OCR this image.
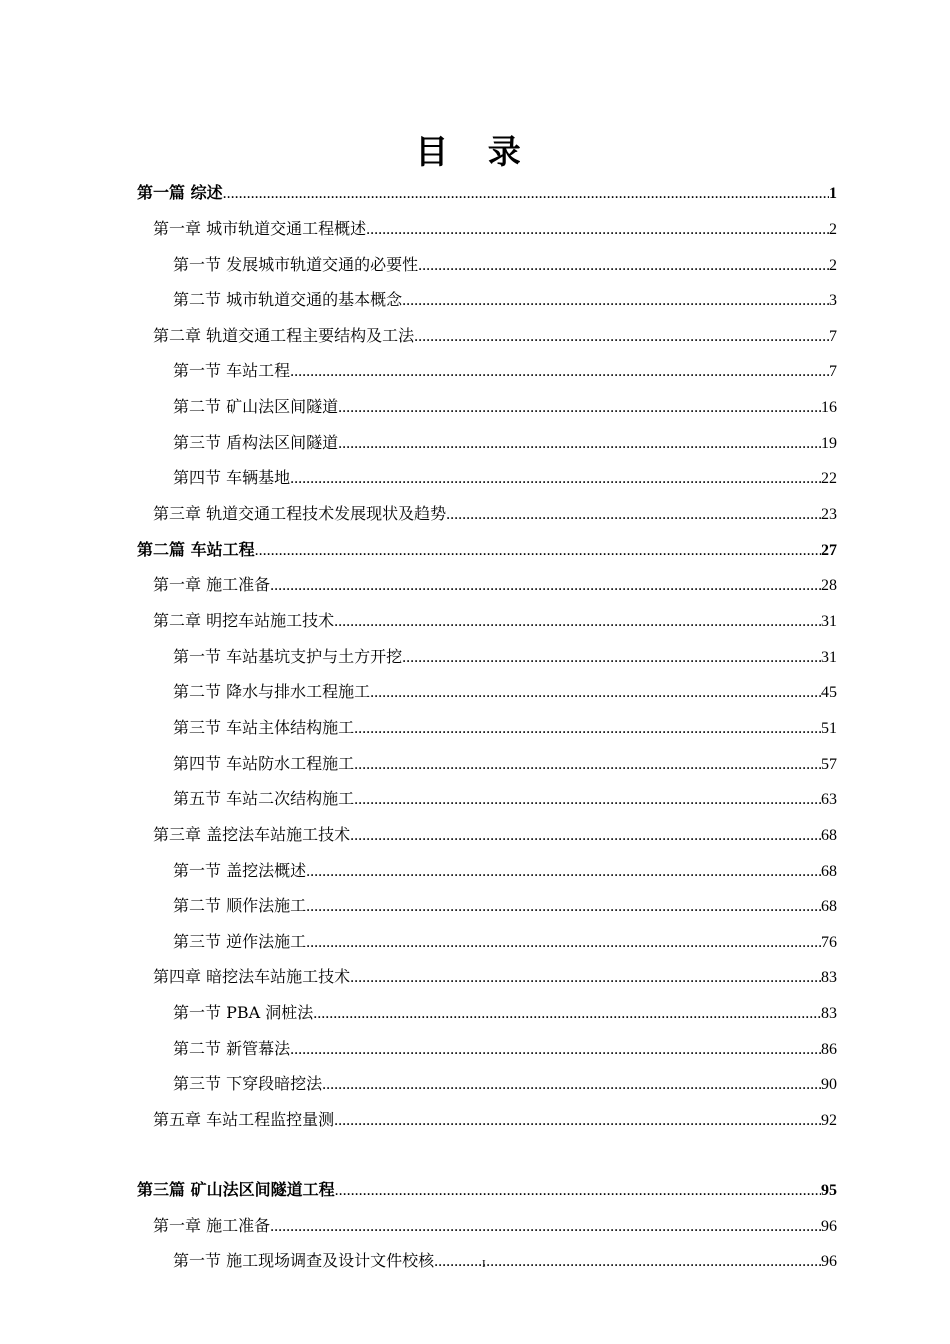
目 录
第一篇 综述 .....	1
第一章 城市轨道交通工程概述 .....	2
第一节 发展城市轨道交通的必要性 .....	2
第二节 城市轨道交通的基本概念 .....	3
第二章 轨道交通工程主要结构及工法 .....	7
第一节 车站工程 .....	7
第二节 矿山法区间隧道 .....	16
第三节 盾构法区间隧道 .....	19
第四节 车辆基地 .....	22
第三章 轨道交通工程技术发展现状及趋势 .....	23
第二篇 车站工程 .....	27
第一章 施工准备 .....	28
第二章 明挖车站施工技术 .....	31
第一节 车站基坑支护与土方开挖 .....	31
第二节 降水与排水工程施工 .....	45
第三节 车站主体结构施工 .....	51
第四节 车站防水工程施工 .....	57
第五节 车站二次结构施工 .....	63
第三章 盖挖法车站施工技术 .....	68
第一节 盖挖法概述 .....	68
第二节 顺作法施工 .....	68
第三节 逆作法施工 .....	76
第四章 暗挖法车站施工技术 .....	83
第一节 PBA 洞桩法 .....	83
第二节 新管幕法 .....	86
第三节 下穿段暗挖法 .....	90
第五章 车站工程监控量测 .....	92
第三篇 矿山法区间隧道工程 .....	95
第一章 施工准备 .....	96
第一节 施工现场调查及设计文件校核 .....	96
I
